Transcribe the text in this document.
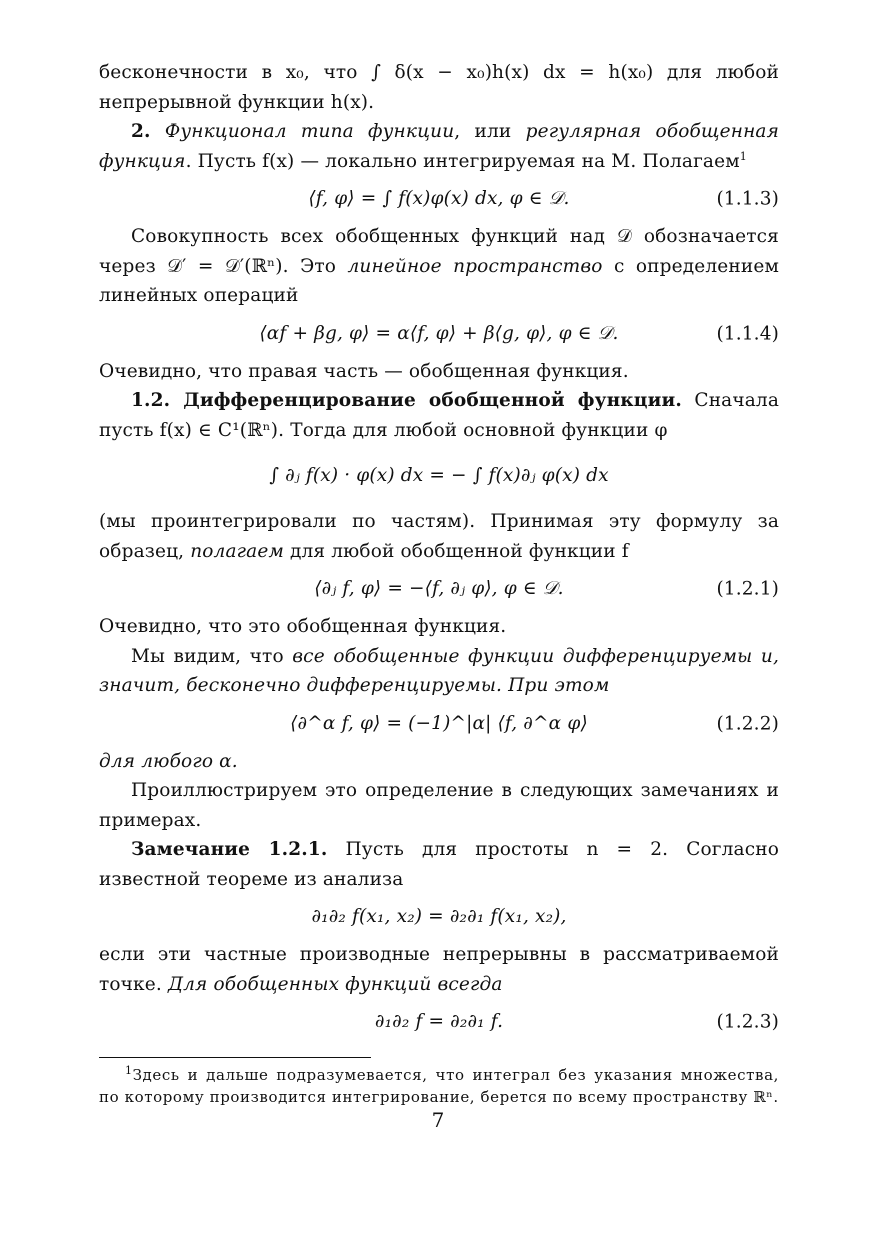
бесконечности в x₀, что ∫ δ(x − x₀)h(x) dx = h(x₀) для любой непрерывной функции h(x).

2. Функционал типа функции, или регулярная обобщенная функция. Пусть f(x) — локально интегрируемая на M. Полагаем$^1$

⟨f, φ⟩ = ∫ f(x)φ(x) dx, φ ∈ 𝒟.	(1.1.3)

Совокупность всех обобщенных функций над 𝒟 обозначается через 𝒟′ = 𝒟′(ℝⁿ). Это линейное пространство с определением линейных операций

⟨αf + βg, φ⟩ = α⟨f, φ⟩ + β⟨g, φ⟩, φ ∈ 𝒟.	(1.1.4)

Очевидно, что правая часть — обобщенная функция.

1.2. Дифференцирование обобщенной функции. Сначала пусть f(x) ∈ C¹(ℝⁿ). Тогда для любой основной функции φ

∫ ∂ⱼ f(x) · φ(x) dx = − ∫ f(x)∂ⱼ φ(x) dx

(мы проинтегрировали по частям). Принимая эту формулу за образец, полагаем для любой обобщенной функции f

⟨∂ⱼ f, φ⟩ = −⟨f, ∂ⱼ φ⟩, φ ∈ 𝒟.	(1.2.1)

Очевидно, что это обобщенная функция.

Мы видим, что все обобщенные функции дифференцируемы и, значит, бесконечно дифференцируемы. При этом

⟨∂^α f, φ⟩ = (−1)^|α| ⟨f, ∂^α φ⟩	(1.2.2)

для любого α.

Проиллюстрируем это определение в следующих замечаниях и примерах.

Замечание 1.2.1. Пусть для простоты n = 2. Согласно известной теореме из анализа

∂₁∂₂ f(x₁, x₂) = ∂₂∂₁ f(x₁, x₂),

если эти частные производные непрерывны в рассматриваемой точке. Для обобщенных функций всегда

∂₁∂₂ f = ∂₂∂₁ f.	(1.2.3)

$^1$Здесь и дальше подразумевается, что интеграл без указания множества, по которому производится интегрирование, берется по всему пространству ℝⁿ.

7
